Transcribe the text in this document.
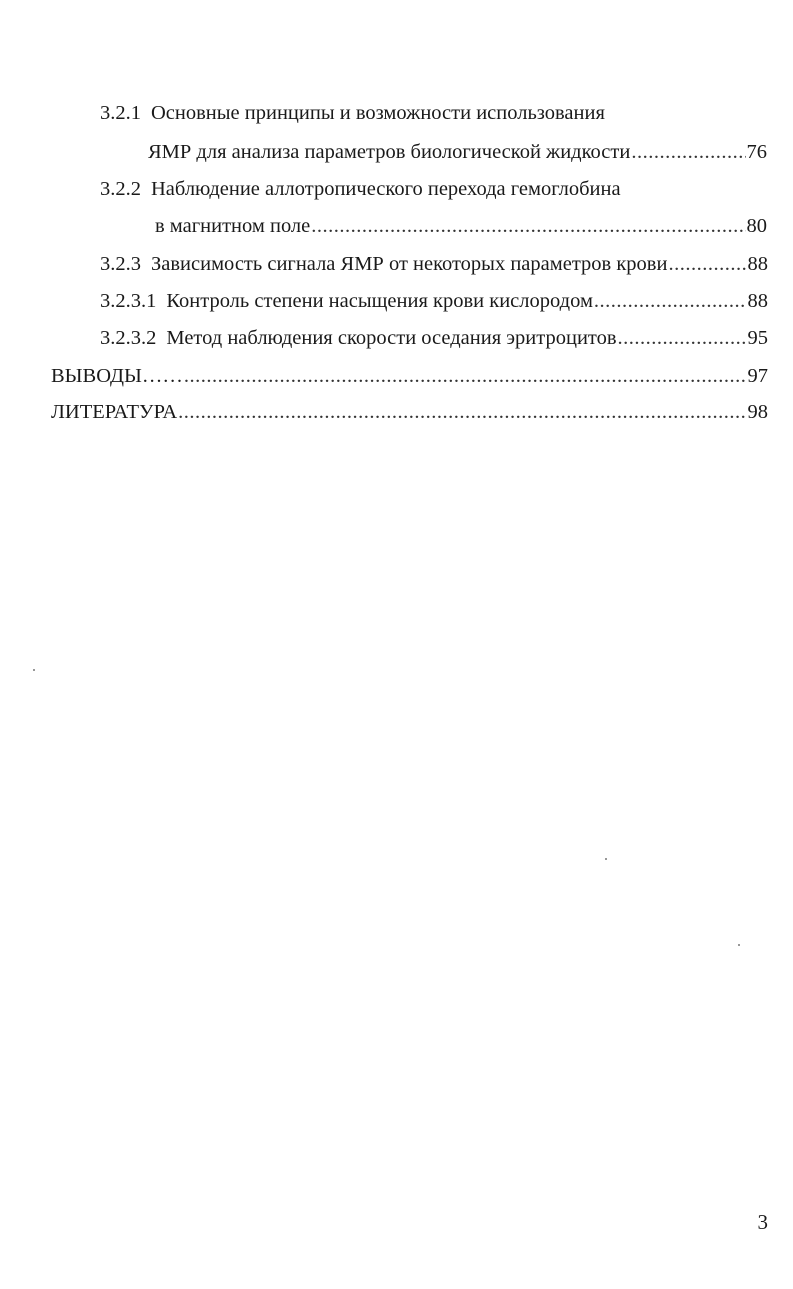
3.2.1 Основные принципы и возможности использования
ЯМР для анализа параметров биологической жидкости .....	76
3.2.2 Наблюдение аллотропического перехода гемоглобина
в магнитном поле .....	80
3.2.3 Зависимость сигнала ЯМР от некоторых параметров крови .....	88
3.2.3.1 Контроль степени насыщения крови кислородом .....	88
3.2.3.2 Метод наблюдения скорости оседания эритроцитов .....	95
ВЫВОДЫ…… .....	97
ЛИТЕРАТУРА .....	98
3
